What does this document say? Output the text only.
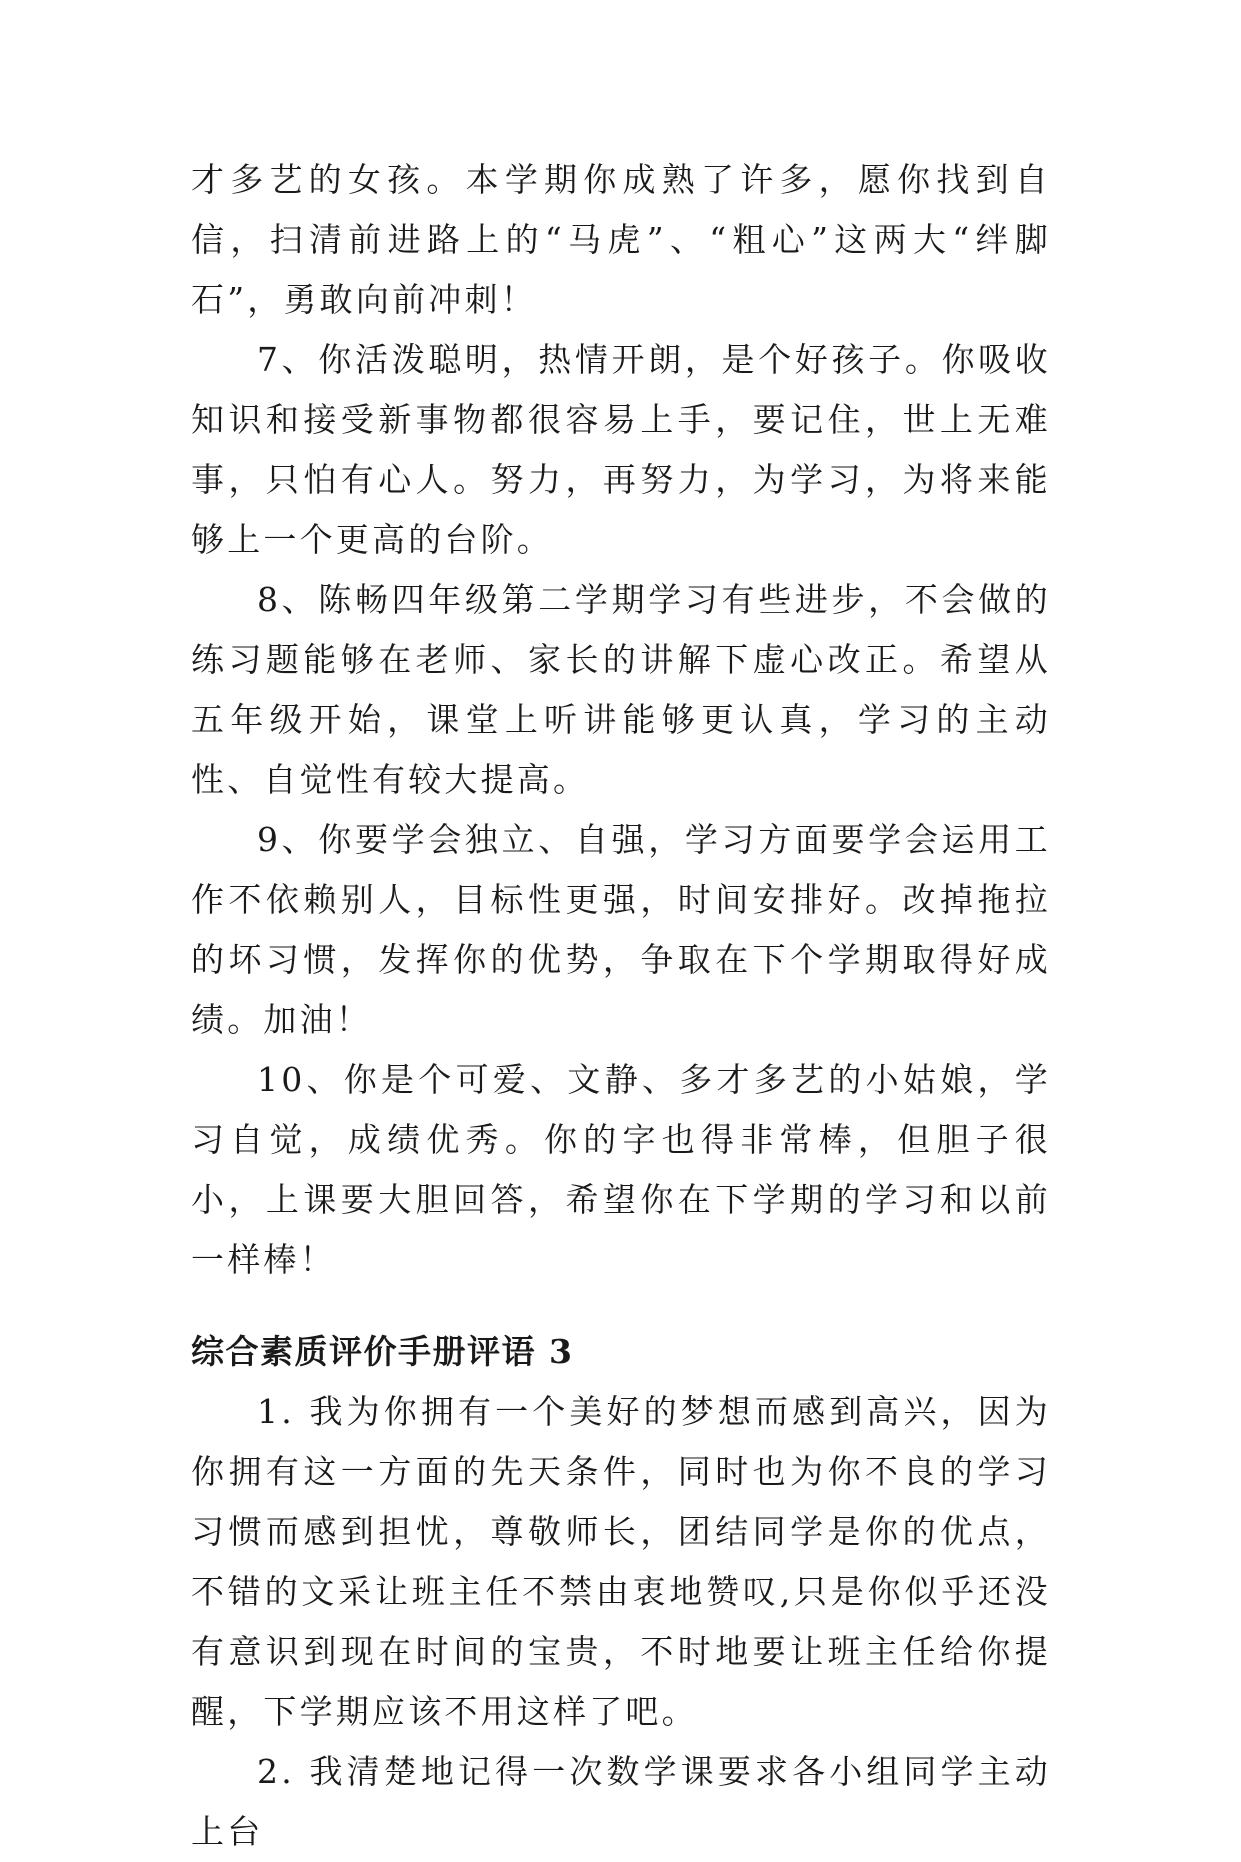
才多艺的女孩。本学期你成熟了许多，愿你找到自信，扫清前进路上的“马虎”、“粗心”这两大“绊脚石”，勇敢向前冲刺！

7、你活泼聪明，热情开朗，是个好孩子。你吸收知识和接受新事物都很容易上手，要记住，世上无难事，只怕有心人。努力，再努力，为学习，为将来能够上一个更高的台阶。

8、陈畅四年级第二学期学习有些进步，不会做的练习题能够在老师、家长的讲解下虚心改正。希望从五年级开始，课堂上听讲能够更认真，学习的主动性、自觉性有较大提高。

9、你要学会独立、自强，学习方面要学会运用工作不依赖别人，目标性更强，时间安排好。改掉拖拉的坏习惯，发挥你的优势，争取在下个学期取得好成绩。加油！

10、你是个可爱、文静、多才多艺的小姑娘，学习自觉，成绩优秀。你的字也得非常棒，但胆子很小，上课要大胆回答，希望你在下学期的学习和以前一样棒！

综合素质评价手册评语 3

1. 我为你拥有一个美好的梦想而感到高兴，因为你拥有这一方面的先天条件，同时也为你不良的学习习惯而感到担忧，尊敬师长，团结同学是你的优点，不错的文采让班主任不禁由衷地赞叹,只是你似乎还没有意识到现在时间的宝贵，不时地要让班主任给你提醒，下学期应该不用这样了吧。

2. 我清楚地记得一次数学课要求各小组同学主动上台
